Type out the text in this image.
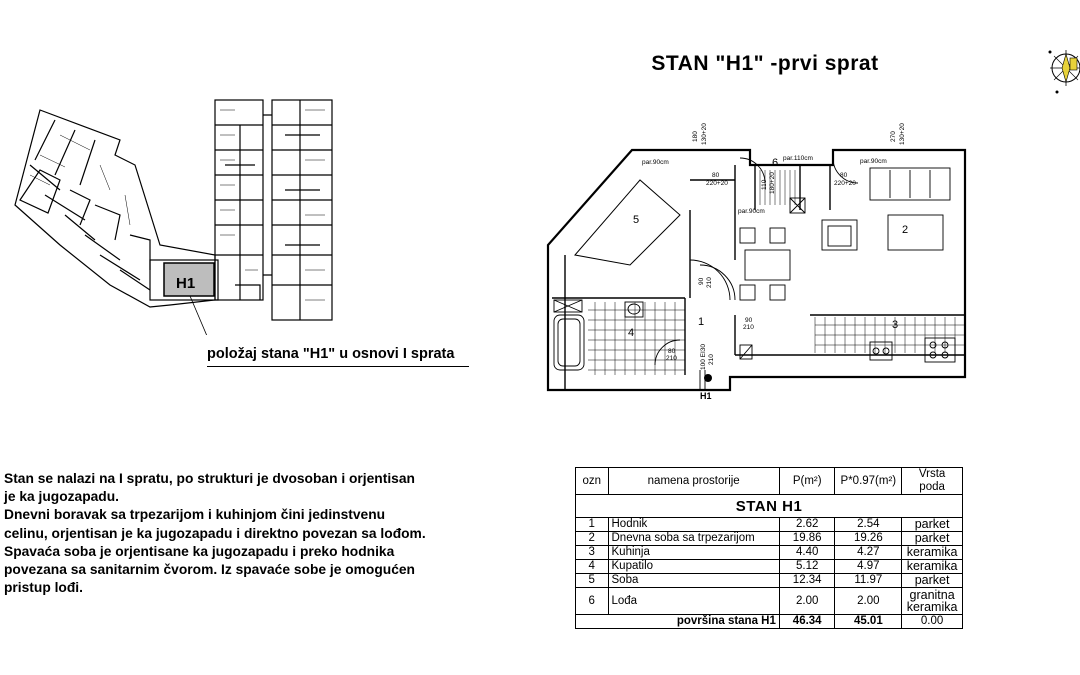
STAN "H1" -prvi sprat
H1
položaj stana "H1" u osnovi I sprata
5
2
3
4
1
6
par.90cm
par.110cm	par.90cm
par.90cm
180 130+20	270 130+20
80
220+20	110 180+20	80
220+20
90 210
90
210
80
210	100 EI30 210
H1
Stan se nalazi na I spratu, po strukturi je dvosoban i orjentisan
je ka jugozapadu.
Dnevni boravak sa trpezarijom i kuhinjom čini jedinstvenu
celinu, orjentisan je ka jugozapadu i direktno povezan sa lođom.
Spavaća soba je orjentisane ka jugozapadu i preko hodnika
povezana sa sanitarnim čvorom. Iz spavaće sobe je omogućen
pristup lođi.
ozn	namena prostorije	P(m²)	P*0.97(m²)	Vrsta poda
STAN H1				
1	Hodnik	2.62	2.54	parket
2	Dnevna soba sa trpezarijom	19.86	19.26	parket
3	Kuhinja	4.40	4.27	keramika
4	Kupatilo	5.12	4.97	keramika
5	Soba	12.34	11.97	parket
6	Lođa	2.00	2.00	granitna
keramika

površina stana H1		46.34	45.01	0.00
